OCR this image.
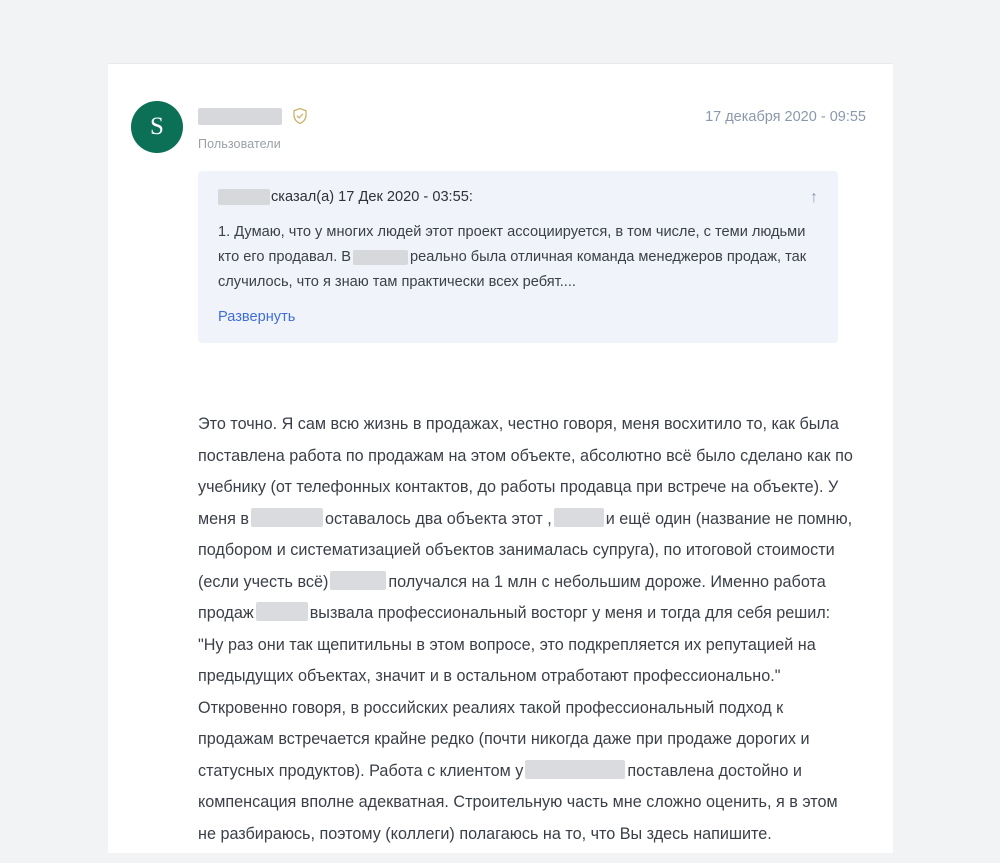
S
Пользователи
17 декабря 2020 - 09:55
сказал(а) 17 Дек 2020 - 03:55:	↑
1. Думаю, что у многих людей этот проект ассоциируется, в том числе, с теми людьми кто его продавал. В	реально была отличная команда менеджеров продаж, так случилось, что я знаю там практически всех ребят....
Развернуть
Это точно. Я сам всю жизнь в продажах, честно говоря, меня восхитило то, как была поставлена работа по продажам на этом объекте, абсолютно всё было сделано как по учебнику (от телефонных контактов, до работы продавца при встрече на объекте). У меня в	оставалось два объекта этот ,	и ещё один (название не помню, подбором и систематизацией объектов занималась супруга), по итоговой стоимости (если учесть всё)	получался на 1 млн с небольшим дороже. Именно работа продаж	вызвала профессиональный восторг у меня и тогда для себя решил: "Ну раз они так щепитильны в этом вопросе, это подкрепляется их репутацией на предыдущих объектах, значит и в остальном отработают профессионально." Откровенно говоря, в российских реалиях такой профессиональный подход к продажам встречается крайне редко (почти никогда даже при продаже дорогих и статусных продуктов). Работа с клиентом у	поставлена достойно и компенсация вполне адекватная. Строительную часть мне сложно оценить, я в этом не разбираюсь, поэтому (коллеги) полагаюсь на то, что Вы здесь напишите.
